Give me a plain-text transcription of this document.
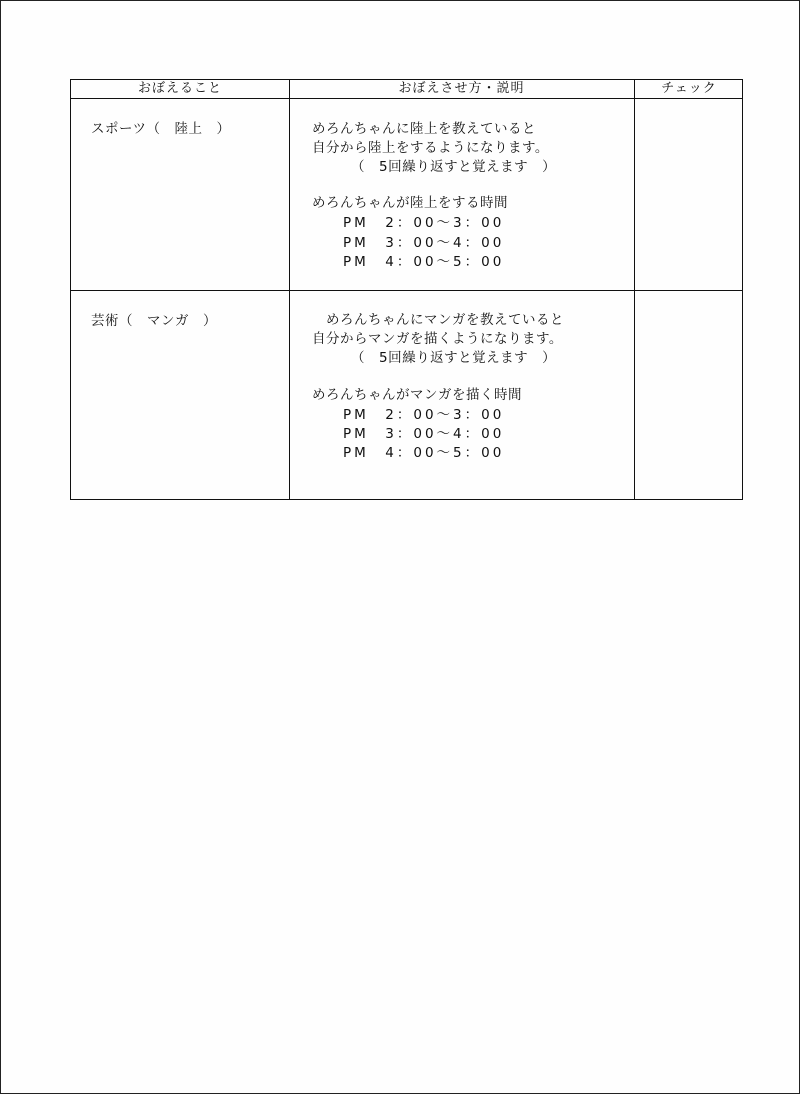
おぼえること	おぼえさせ方・説明	チェック
スポーツ（　陸上　）	めろんちゃんに陸上を教えていると
自分から陸上をするようになります。
（　5回繰り返すと覚えます　）
めろんちゃんが陸上をする時間
PM　2：00～3：00
PM　3：00～4：00
PM　4：00～5：00
芸術（　マンガ　）	めろんちゃんにマンガを教えていると
自分からマンガを描くようになります。
（　5回繰り返すと覚えます　）
めろんちゃんがマンガを描く時間
PM　2：00～3：00
PM　3：00～4：00
PM　4：00～5：00
